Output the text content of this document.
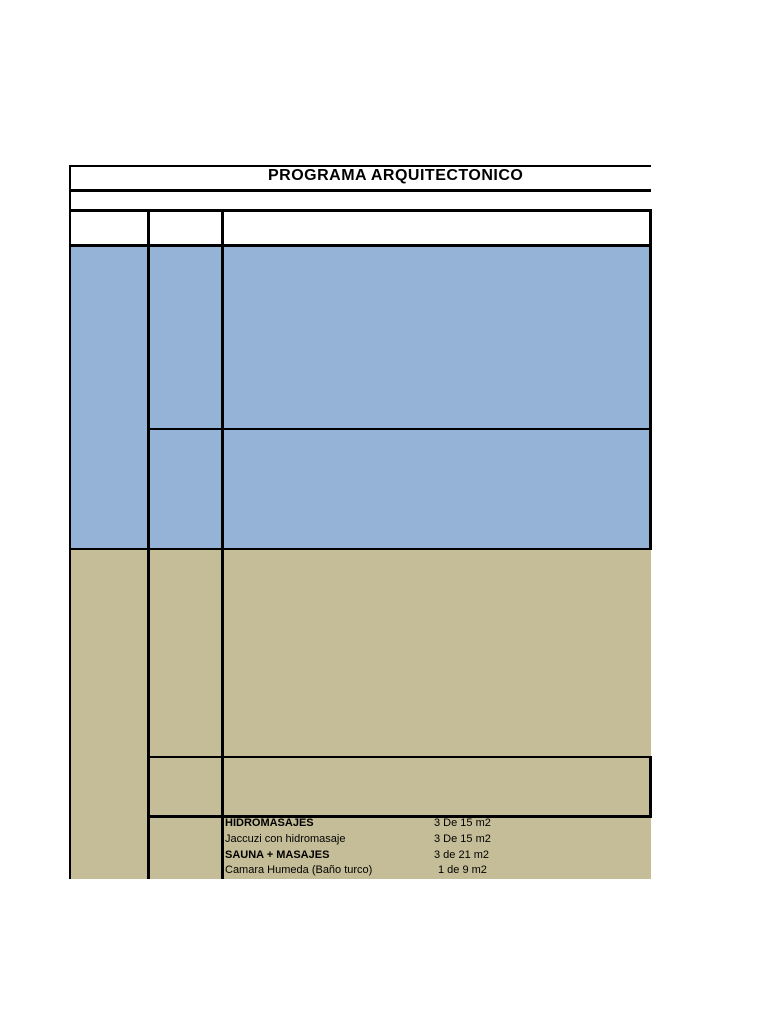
PROGRAMA ARQUITECTONICO
HIDROMASAJES	3 De 15 m2
Jaccuzi con hidromasaje	3 De 15 m2
SAUNA + MASAJES	3 de 21 m2
Camara Humeda (Baño turco)	1 de 9 m2
